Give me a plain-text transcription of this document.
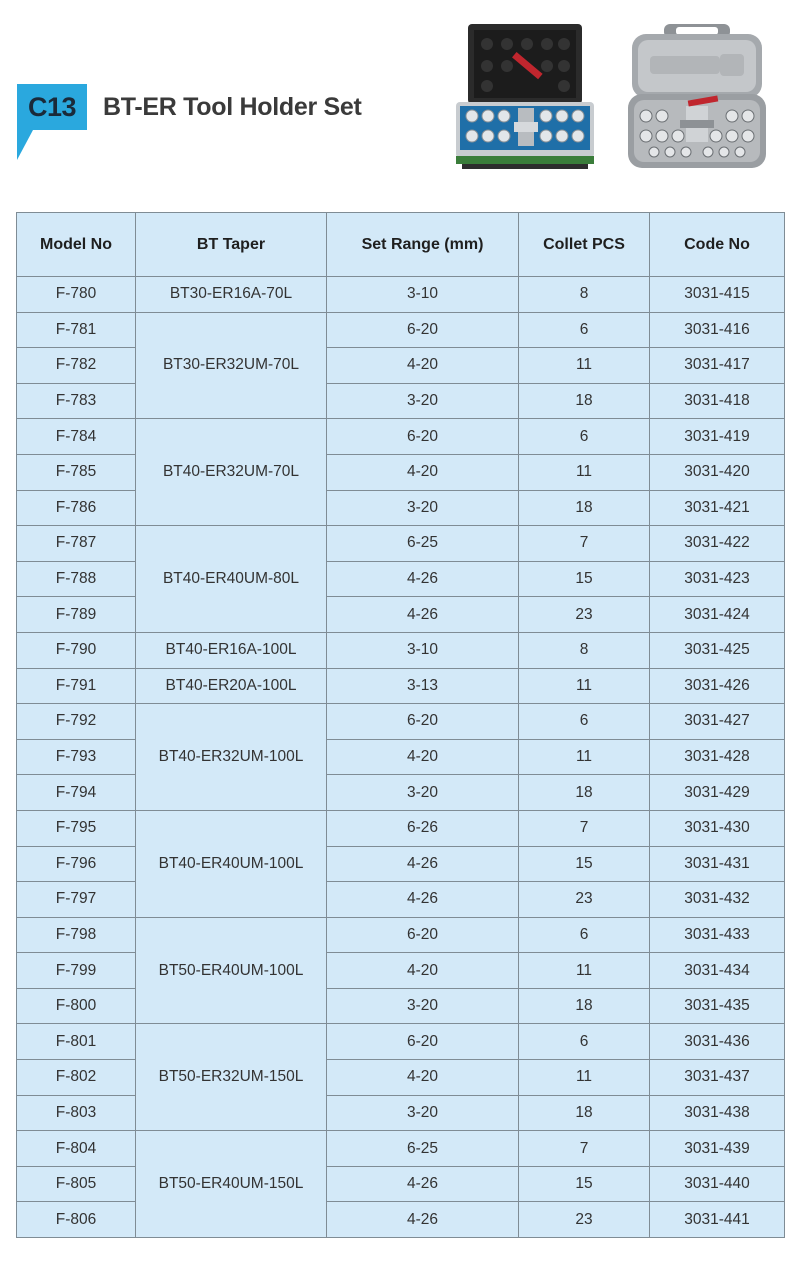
C13	BT-ER Tool Holder Set
Model No	BT Taper	Set Range (mm)	Collet PCS	Code No
F-780	BT30-ER16A-70L	3-10	8	3031-415
F-781	BT30-ER32UM-70L	6-20	6	3031-416
F-782		4-20	11	3031-417
F-783		3-20	18	3031-418
F-784	BT40-ER32UM-70L	6-20	6	3031-419
F-785		4-20	11	3031-420
F-786		3-20	18	3031-421
F-787	BT40-ER40UM-80L	6-25	7	3031-422
F-788		4-26	15	3031-423
F-789		4-26	23	3031-424
F-790	BT40-ER16A-100L	3-10	8	3031-425
F-791	BT40-ER20A-100L	3-13	11	3031-426
F-792	BT40-ER32UM-100L	6-20	6	3031-427
F-793		4-20	11	3031-428
F-794		3-20	18	3031-429
F-795	BT40-ER40UM-100L	6-26	7	3031-430
F-796		4-26	15	3031-431
F-797		4-26	23	3031-432
F-798	BT50-ER40UM-100L	6-20	6	3031-433
F-799		4-20	11	3031-434
F-800		3-20	18	3031-435
F-801	BT50-ER32UM-150L	6-20	6	3031-436
F-802		4-20	11	3031-437
F-803		3-20	18	3031-438
F-804	BT50-ER40UM-150L	6-25	7	3031-439
F-805		4-26	15	3031-440
F-806		4-26	23	3031-441
